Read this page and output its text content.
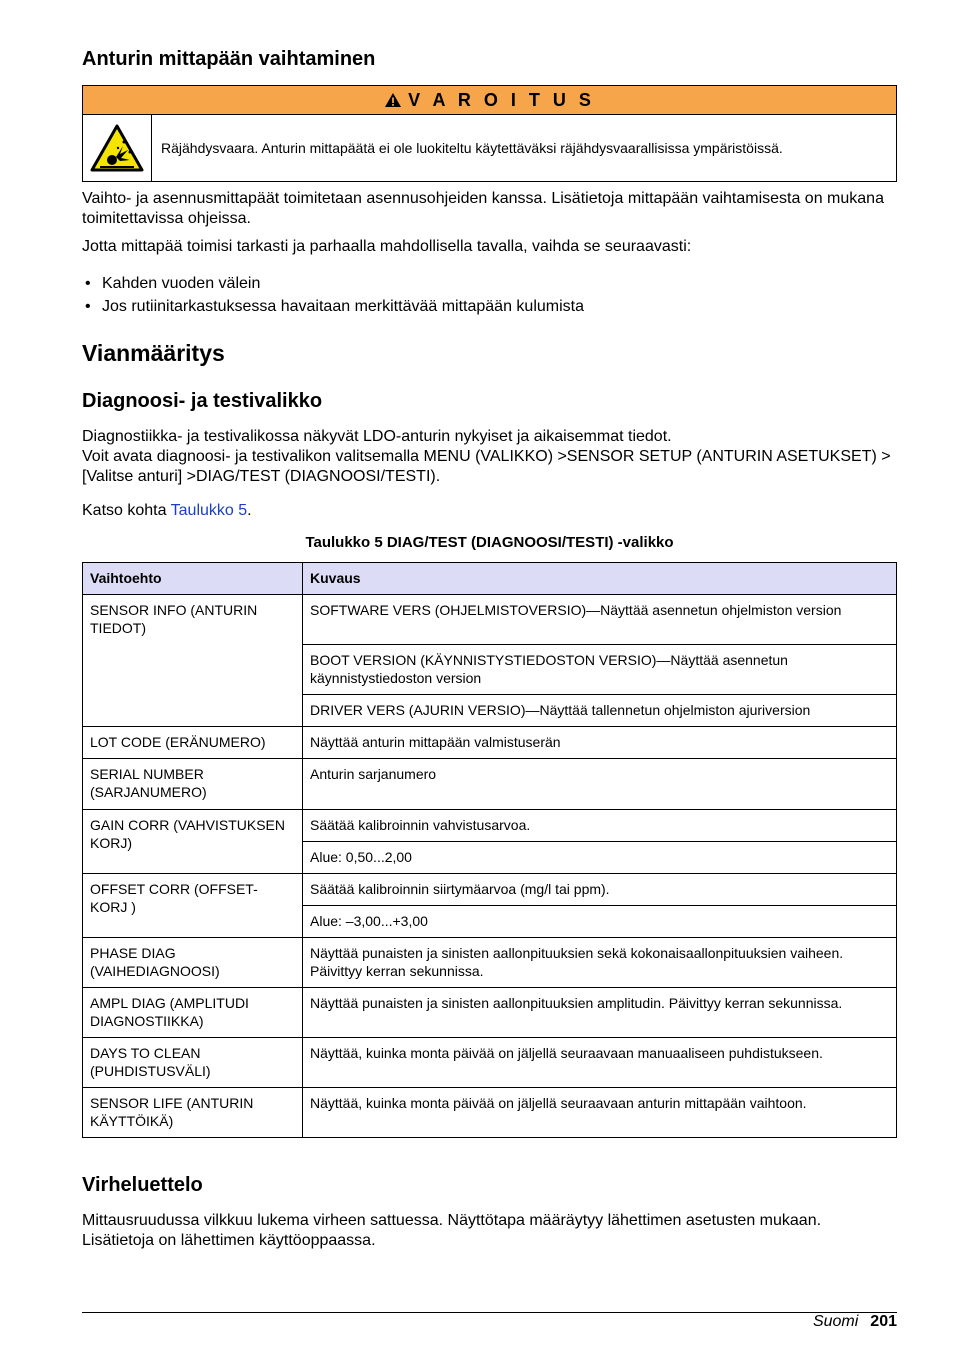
Anturin mittapään vaihtaminen
V A R O I T U S
Räjähdysvaara. Anturin mittapäätä ei ole luokiteltu käytettäväksi räjähdysvaarallisissa ympäristöissä.

Vaihto- ja asennusmittapäät toimitetaan asennusohjeiden kanssa. Lisätietoja mittapään vaihtamisesta on mukana toimitettavissa ohjeissa.

Jotta mittapää toimisi tarkasti ja parhaalla mahdollisella tavalla, vaihda se seuraavasti:

• Kahden vuoden välein
• Jos rutiinitarkastuksessa havaitaan merkittävää mittapään kulumista
Vianmääritys
Diagnoosi- ja testivalikko

Diagnostiikka- ja testivalikossa näkyvät LDO-anturin nykyiset ja aikaisemmat tiedot.

Voit avata diagnoosi- ja testivalikon valitsemalla MENU (VALIKKO) >SENSOR SETUP (ANTURIN ASETUKSET) > [Valitse anturi] >DIAG/TEST (DIAGNOOSI/TESTI).

Katso kohta Taulukko 5.

Taulukko 5 DIAG/TEST (DIAGNOOSI/TESTI) -valikko
Vaihtoehto	Kuvaus
SENSOR INFO (ANTURIN TIEDOT)	SOFTWARE VERS (OHJELMISTOVERSIO)—Näyttää asennetun ohjelmiston version
	BOOT VERSION (KÄYNNISTYSTIEDOSTON VERSIO)—Näyttää asennetun käynnistystiedoston version
	DRIVER VERS (AJURIN VERSIO)—Näyttää tallennetun ohjelmiston ajuriversion
LOT CODE (ERÄNUMERO)	Näyttää anturin mittapään valmistuserän
SERIAL NUMBER (SARJANUMERO)	Anturin sarjanumero
GAIN CORR (VAHVISTUKSEN KORJ)	Säätää kalibroinnin vahvistusarvoa.
	Alue: 0,50...2,00
OFFSET CORR (OFFSET-KORJ )	Säätää kalibroinnin siirtymäarvoa (mg/l tai ppm).
	Alue: –3,00...+3,00
PHASE DIAG (VAIHEDIAGNOOSI)	Näyttää punaisten ja sinisten aallonpituuksien sekä kokonaisaallonpituuksien vaiheen. Päivittyy kerran sekunnissa.
AMPL DIAG (AMPLITUDI DIAGNOSTIIKKA)	Näyttää punaisten ja sinisten aallonpituuksien amplitudin. Päivittyy kerran sekunnissa.
DAYS TO CLEAN (PUHDISTUSVÄLI)	Näyttää, kuinka monta päivää on jäljellä seuraavaan manuaaliseen puhdistukseen.
SENSOR LIFE (ANTURIN KÄYTTÖIKÄ)	Näyttää, kuinka monta päivää on jäljellä seuraavaan anturin mittapään vaihtoon.
Virheluettelo

Mittausruudussa vilkkuu lukema virheen sattuessa. Näyttötapa määräytyy lähettimen asetusten mukaan. Lisätietoja on lähettimen käyttöoppaassa.

Suomi 201
